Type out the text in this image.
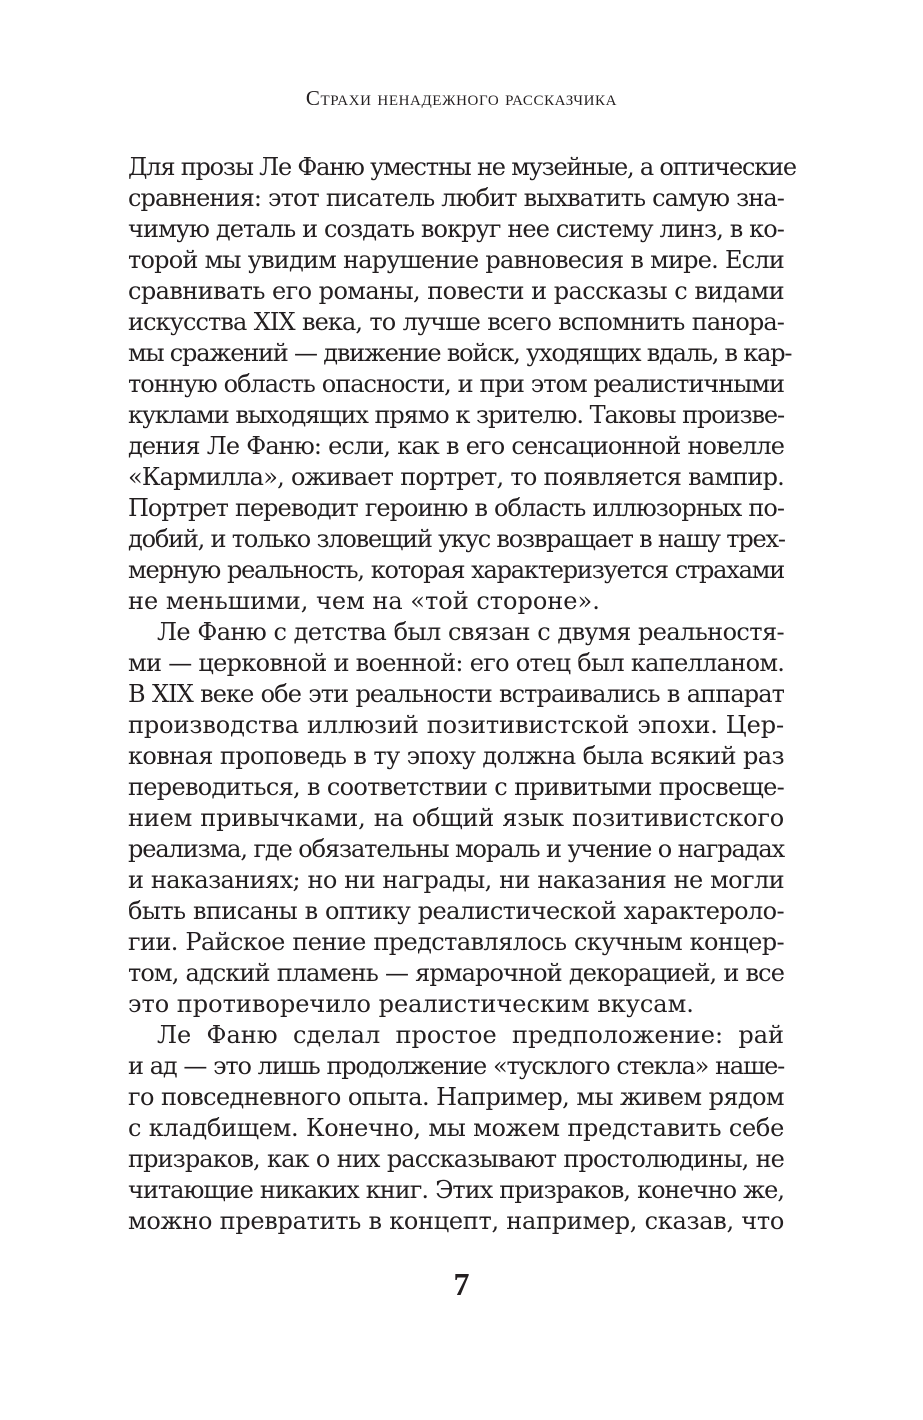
Страхи ненадежного рассказчика
Для прозы Ле Фаню уместны не музейные, а оптические
сравнения: этот писатель любит выхватить самую зна-
чимую деталь и создать вокруг нее систему линз, в ко-
торой мы увидим нарушение равновесия в мире. Если
сравнивать его романы, повести и рассказы с видами
искусства XIX века, то лучше всего вспомнить панора-
мы сражений — движение войск, уходящих вдаль, в кар-
тонную область опасности, и при этом реалистичными
куклами выходящих прямо к зрителю. Таковы произве-
дения Ле Фаню: если, как в его сенсационной новелле
«Кармилла», оживает портрет, то появляется вампир.
Портрет переводит героиню в область иллюзорных по-
добий, и только зловещий укус возвращает в нашу трех-
мерную реальность, которая характеризуется страхами
не меньшими, чем на «той стороне».
Ле Фаню с детства был связан с двумя реальностя-
ми — церковной и военной: его отец был капелланом.
В XIX веке обе эти реальности встраивались в аппарат
производства иллюзий позитивистской эпохи. Цер-
ковная проповедь в ту эпоху должна была всякий раз
переводиться, в соответствии с привитыми просвеще-
нием привычками, на общий язык позитивистского
реализма, где обязательны мораль и учение о наградах
и наказаниях; но ни награды, ни наказания не могли
быть вписаны в оптику реалистической характероло-
гии. Райское пение представлялось скучным концер-
том, адский пламень — ярмарочной декорацией, и все
это противоречило реалистическим вкусам.
Ле Фаню сделал простое предположение: рай
и ад — это лишь продолжение «тусклого стекла» наше-
го повседневного опыта. Например, мы живем рядом
с кладбищем. Конечно, мы можем представить себе
призраков, как о них рассказывают простолюдины, не
читающие никаких книг. Этих призраков, конечно же,
можно превратить в концепт, например, сказав, что
7
